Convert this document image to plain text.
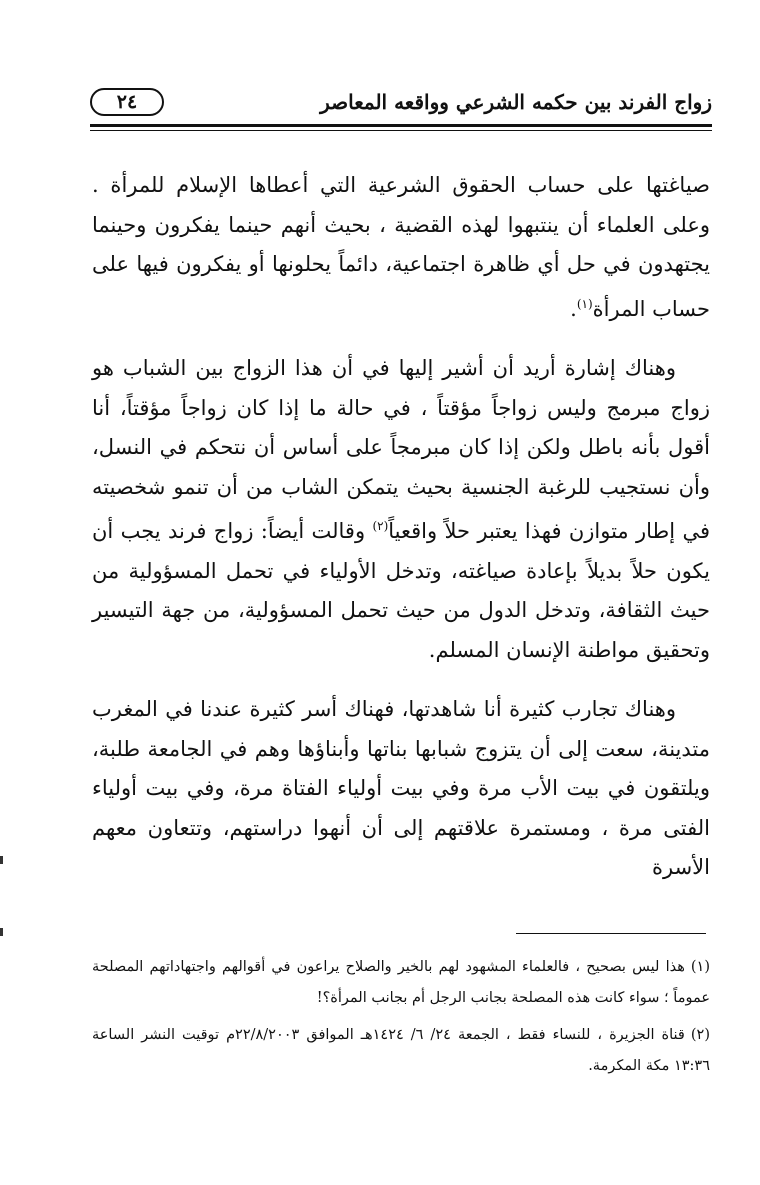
٢٤	زواج الفرند بين حكمه الشرعي وواقعه المعاصر

صياغتها على حساب الحقوق الشرعية التي أعطاها الإسلام للمرأة . وعلى العلماء أن ينتبهوا لهذه القضية ، بحيث أنهم حينما يفكرون وحينما يجتهدون في حل أي ظاهرة اجتماعية، دائماً يحلونها أو يفكرون فيها على حساب المرأة$^{(١)}$.

وهناك إشارة أريد أن أشير إليها في أن هذا الزواج بين الشباب هو زواج مبرمج وليس زواجاً مؤقتاً ، في حالة ما إذا كان زواجاً مؤقتاً، أنا أقول بأنه باطل ولكن إذا كان مبرمجاً على أساس أن نتحكم في النسل، وأن نستجيب للرغبة الجنسية بحيث يتمكن الشاب من أن تنمو شخصيته في إطار متوازن فهذا يعتبر حلاً واقعياً$^{(٢)}$ وقالت أيضاً: زواج فرند يجب أن يكون حلاً بديلاً بإعادة صياغته، وتدخل الأولياء في تحمل المسؤولية من حيث الثقافة، وتدخل الدول من حيث تحمل المسؤولية، من جهة التيسير وتحقيق مواطنة الإنسان المسلم.

وهناك تجارب كثيرة أنا شاهدتها، فهناك أسر كثيرة عندنا في المغرب متدينة، سعت إلى أن يتزوج شبابها بناتها وأبناؤها وهم في الجامعة طلبة، ويلتقون في بيت الأب مرة وفي بيت أولياء الفتاة مرة، وفي بيت أولياء الفتى مرة ، ومستمرة علاقتهم إلى أن أنهوا دراستهم، وتتعاون معهم الأسرة

(١)هذا ليس بصحيح ، فالعلماء المشهود لهم بالخير والصلاح يراعون في أقوالهم واجتهاداتهم المصلحة عموماً ؛ سواء كانت هذه المصلحة بجانب الرجل أم بجانب المرأة؟!

(٢)قناة الجزيرة ، للنساء فقط ، الجمعة ٢٤/ ٦/ ١٤٢٤هـ الموافق ٢٢/٨/٢٠٠٣م توقيت النشر الساعة ١٣:٣٦ مكة المكرمة.
